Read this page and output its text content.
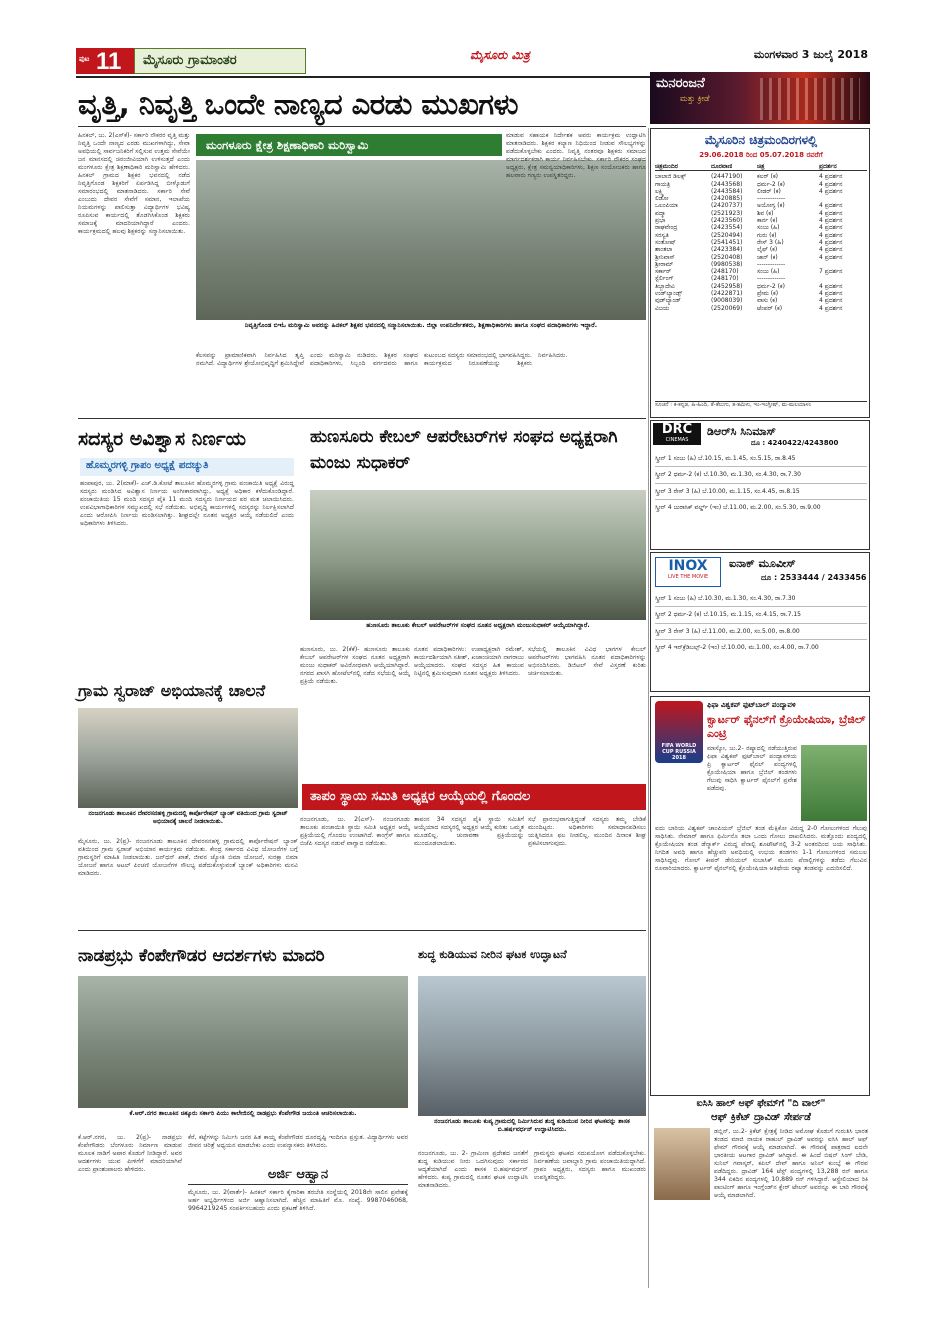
ಪುಟ 11 ಮೈಸೂರು ಗ್ರಾಮಾಂತರ	ಮೈಸೂರು ಮಿತ್ರ	ಮಂಗಳವಾರ 3 ಜುಲೈ 2018
ಮನರಂಜನೆ
ಮತ್ತು ಕ್ರೀಡೆ
ವೃತ್ತಿ, ನಿವೃತ್ತಿ ಒಂದೇ ನಾಣ್ಯದ ಎರಡು ಮುಖಗಳು

ಹಿನಕಲ್, ಜು. 2(ಎಸ್‌ಕೆ)- ಸರ್ಕಾರಿ ನೌಕರರ ವೃತ್ತಿ ಮತ್ತು ನಿವೃತ್ತಿ ಒಂದೇ ನಾಣ್ಯದ ಎರಡು ಮುಖಗಳಾಗಿದ್ದು, ಸೇವಾ ಅವಧಿಯಲ್ಲಿ ಸಾರ್ವಜನಿಕರಿಗೆ ಸಲ್ಲಿಸುವ ಉತ್ತಮ ಸೇವೆಯೇ ಜನ ಮಾನಸದಲ್ಲಿ ಚಿರಂಜೀವಿಯಾಗಿ ಉಳಿಸುತ್ತದೆ ಎಂದು ಮಂಗಳೂರು ಕ್ಷೇತ್ರ ಶಿಕ್ಷಣಾಧಿಕಾರಿ ಮರಿಸ್ವಾಮಿ ಹೇಳಿದರು. ಹಿನಕಲ್ ಗ್ರಾಮದ ಶಿಕ್ಷಕರ ಭವನದಲ್ಲಿ ನಡೆದ ನಿವೃತ್ತಿಗೊಂಡ ಶಿಕ್ಷಕರಿಗೆ ಏರ್ಪಡಿಸಿದ್ದ ಬೀಳ್ಕೊಡುಗೆ ಸಮಾರಂಭದಲ್ಲಿ ಮಾತನಾಡಿದರು. ಸರ್ಕಾರಿ ಸೇವೆ ಎಂಬುದು ದೇವರ ಸೇವೆಗೆ ಸಮಾನ, ಇಲಾಖೆಯ ನಿಯಮಗಳನ್ನು ಪಾಲಿಸುತ್ತಾ ವಿದ್ಯಾರ್ಥಿಗಳ ಭವಿಷ್ಯ ರೂಪಿಸುವ ಕಾರ್ಯದಲ್ಲಿ ತೊಡಗಿಸಿಕೊಂಡ ಶಿಕ್ಷಕರು ಸಮಾಜಕ್ಕೆ ಮಾದರಿಯಾಗಿದ್ದಾರೆ ಎಂದರು. ಕಾರ್ಯಕ್ರಮದಲ್ಲಿ ಹಲವು ಶಿಕ್ಷಕರನ್ನು ಸನ್ಮಾನಿಸಲಾಯಿತು.

ಮಂಗಳೂರು ಕ್ಷೇತ್ರ ಶಿಕ್ಷಣಾಧಿಕಾರಿ ಮರಿಸ್ವಾಮಿ
ನಿವೃತ್ತಿಗೊಂಡ ಬಿಇಓ ಮರಿಸ್ವಾಮಿ ಅವರನ್ನು ಹಿನಕಲ್ ಶಿಕ್ಷಕರ ಭವನದಲ್ಲಿ ಸನ್ಮಾನಿಸಲಾಯಿತು. ಜಿಲ್ಲಾ ಉಪನಿರ್ದೇಶಕರು, ಶಿಕ್ಷಣಾಧಿಕಾರಿಗಳು ಹಾಗೂ ಸಂಘದ ಪದಾಧಿಕಾರಿಗಳು ಇದ್ದಾರೆ.

ಮಾಡುವ ಸಹಾಯಕ ನಿರ್ದೇಶಕ ಅವರು ಕಾರ್ಯಕ್ರಮ ಉದ್ಘಾಟಿಸಿ ಮಾತನಾಡಿದರು. ಶಿಕ್ಷಕರ ಕಲ್ಯಾಣ ನಿಧಿಯಿಂದ ನೀಡುವ ಸೌಲಭ್ಯಗಳನ್ನು ಪಡೆದುಕೊಳ್ಳಬೇಕು ಎಂದರು. ನಿವೃತ್ತಿ ನಂತರವೂ ಶಿಕ್ಷಕರು ಸಮಾಜದ ಮಾರ್ಗದರ್ಶಕರಾಗಿ ಕಾರ್ಯ ನಿರ್ವಹಿಸಬೇಕು. ಸರ್ಕಾರಿ ನೌಕರರ ಸಂಘದ ಅಧ್ಯಕ್ಷರು, ಕ್ಷೇತ್ರ ಸಮನ್ವಯಾಧಿಕಾರಿಗಳು, ಶಿಕ್ಷಣ ಸಂಯೋಜಕರು ಹಾಗೂ ಹಲವಾರು ಗಣ್ಯರು ಉಪಸ್ಥಿತರಿದ್ದರು.

ಕೆಲಸವನ್ನು ಪ್ರಾಮಾಣಿಕವಾಗಿ ನಿರ್ವಹಿಸಿದ ತೃಪ್ತಿ ನಮಗಿದೆ. ವಿದ್ಯಾರ್ಥಿಗಳ ಶ್ರೇಯೋಭಿವೃದ್ಧಿಗೆ ಶ್ರಮಿಸಿದ್ದೇವೆ ಎಂದು ಮರಿಸ್ವಾಮಿ ನುಡಿದರು. ಶಿಕ್ಷಕರ ಸಂಘದ ಪದಾಧಿಕಾರಿಗಳು, ಸಿಬ್ಬಂದಿ ವರ್ಗದವರು ಹಾಗೂ ಕುಟುಂಬದ ಸದಸ್ಯರು ಸಮಾರಂಭದಲ್ಲಿ ಭಾಗವಹಿಸಿದ್ದರು. ಕಾರ್ಯಕ್ರಮದ ನಿರೂಪಣೆಯನ್ನು ಶಿಕ್ಷಕರು ನಿರ್ವಹಿಸಿದರು.

ಮೈಸೂರಿನ ಚಿತ್ರಮಂದಿರಗಳಲ್ಲಿ
29.06.2018 ರಿಂದ 05.07.2018 ರವರೆಗೆ
ಚಿತ್ರಮಂದಿರ	ದೂರವಾಣಿ	ಚಿತ್ರ	ಪ್ರದರ್ಶನ
ಬಾಲಾಜಿ ಡಿಲಕ್ಸ್	(2447190)	ಕಲರ್ (ಕ)	4 ಪ್ರದರ್ಶನ
ಗಾಯತ್ರಿ	(2443568)	ಧರ್ಮ-2 (ಕ)	4 ಪ್ರದರ್ಶನ
ಲಕ್ಷ್ಮಿ	(2443584)	ಲೀಡರ್ (ಕ)	4 ಪ್ರದರ್ಶನ
ಲಿಡೋ	(2420885)	-------------
ಒಲಂಪಿಯಾ	(2420737)	ಅಯೋಗ್ಯ (ಕ)	4 ಪ್ರದರ್ಶನ
ಪದ್ಮಾ	(2521923)	ಶಿವ (ಕ)	4 ಪ್ರದರ್ಶನ
ಪ್ರಭಾ	(2423560)	ಕಾರ್ನ (ಕ)	4 ಪ್ರದರ್ಶನ
ರಾಘವೇಂದ್ರ	(2423554)	ಸಂಜು (ಹಿ)	4 ಪ್ರದರ್ಶನ
ಸರಸ್ವತಿ	(2520494)	ಗುರು (ಕ)	4 ಪ್ರದರ್ಶನ
ಸಂತೋಷ್	(2541451)	ರೇಸ್ 3 (ಹಿ)	4 ಪ್ರದರ್ಶನ
ಶಾಂತಲಾ	(2423384)	ಲೈಫ್ (ಕ)	4 ಪ್ರದರ್ಶನ
ಶ್ರೀನಿವಾಸ್	(2520408)	ಜಾನ್ (ಕ)	4 ಪ್ರದರ್ಶನ
ಶ್ರೀರಾಮ್	(9980538)	-------------
ಸರ್ಕಾರ್	(248170)	ಸಂಜು (ಹಿ)	7 ಪ್ರದರ್ಶನ
ಸ್ಟೆರ್ಲಿಂಗ್	(248170)	-------------
ತಿಬ್ಬಾದೇವಿ	(2452958)	ಧರ್ಮ-2 (ಕ)	4 ಪ್ರದರ್ಶನ
ಉಡ್‌ಲ್ಯಾಂಡ್ಸ್	(2422871)	ಪ್ರೇಮ (ಕ)	4 ಪ್ರದರ್ಶನ
ವುಡ್‌ಲ್ಯಾಂಡ್	(9008039)	ವಾಸು (ಕ)	4 ಪ್ರದರ್ಶನ
ವಿಜಯ	(2520069)	ಟೆಂಪರ್ (ಕ)	4 ಪ್ರದರ್ಶನ
ಸೂಚನೆ : ಕ-ಕನ್ನಡ, ಹಿ-ಹಿಂದಿ, ತೆ-ತೆಲುಗು, ತ-ತಮಿಳು, ಇಂ-ಇಂಗ್ಲೀಷ್, ಮ-ಮಲಯಾಳಂ
DRC
CINEMAS
ಡಿಆರ್‌ಸಿ ಸಿನಿಮಾಸ್
ದೂ : 4240422/4243800
ಸ್ಕ್ರೀನ್ 1 ಸಂಜು (ಹಿ) ಬೆ.10.15, ಮ.1.45, ಸಂ.5.15, ರಾ.8.45
ಸ್ಕ್ರೀನ್ 2 ಧರ್ಮ-2 (ಕ) ಬೆ.10.30, ಮ.1.30, ಸಂ.4.30, ರಾ.7.30
ಸ್ಕ್ರೀನ್ 3 ರೇಸ್ 3 (ಹಿ) ಬೆ.10.00, ಮ.1.15, ಸಂ.4.45, ರಾ.8.15
ಸ್ಕ್ರೀನ್ 4 ಜುರಾಸಿಕ್ ವರ್ಲ್ಡ್ (ಇಂ) ಬೆ.11.00, ಮ.2.00, ಸಂ.5.30, ರಾ.9.00
INOX
LIVE THE MOVIE
ಐನಾಕ್ ಮೂವೀಸ್
ದೂ : 2533444 / 2433456
ಸ್ಕ್ರೀನ್ 1 ಸಂಜು (ಹಿ) ಬೆ.10.30, ಮ.1.30, ಸಂ.4.30, ರಾ.7.30
ಸ್ಕ್ರೀನ್ 2 ಧರ್ಮ-2 (ಕ) ಬೆ.10.15, ಮ.1.15, ಸಂ.4.15, ರಾ.7.15
ಸ್ಕ್ರೀನ್ 3 ರೇಸ್ 3 (ಹಿ) ಬೆ.11.00, ಮ.2.00, ಸಂ.5.00, ರಾ.8.00
ಸ್ಕ್ರೀನ್ 4 ಇನ್‌ಕ್ರೆಡಿಬಲ್ಸ್-2 (ಇಂ) ಬೆ.10.00, ಮ.1.00, ಸಂ.4.00, ರಾ.7.00
FIFA WORLD CUP RUSSIA 2018
ಫಿಫಾ ವಿಶ್ವಕಪ್ ಫುಟ್‌ಬಾಲ್ ಪಂದ್ಯಾವಳಿ
ಕ್ವಾರ್ಟರ್ ಫೈನಲ್‌ಗೆ ಕ್ರೊಯೇಷಿಯಾ, ಬ್ರೆಜಿಲ್ ಎಂಟ್ರಿ
ಮಾಸ್ಕೋ, ಜು.2- ರಷ್ಯಾದಲ್ಲಿ ನಡೆಯುತ್ತಿರುವ ಫಿಫಾ ವಿಶ್ವಕಪ್ ಫುಟ್‌ಬಾಲ್ ಪಂದ್ಯಾವಳಿಯ ಪ್ರಿ ಕ್ವಾರ್ಟರ್ ಫೈನಲ್ ಪಂದ್ಯಗಳಲ್ಲಿ ಕ್ರೊಯೇಷಿಯಾ ಹಾಗೂ ಬ್ರೆಜಿಲ್ ತಂಡಗಳು ಗೆಲುವು ಸಾಧಿಸಿ ಕ್ವಾರ್ಟರ್ ಫೈನಲ್‌ಗೆ ಪ್ರವೇಶ ಪಡೆದವು.
ಐದು ಬಾರಿಯ ವಿಶ್ವಕಪ್ ಚಾಂಪಿಯನ್ ಬ್ರೆಜಿಲ್ ತಂಡ ಮೆಕ್ಸಿಕೋ ವಿರುದ್ಧ 2-0 ಗೋಲುಗಳಿಂದ ಗೆಲುವು ಸಾಧಿಸಿತು. ನೇಮಾರ್ ಹಾಗೂ ಫಿರ್ಮಿನೊ ತಲಾ ಒಂದು ಗೋಲು ದಾಖಲಿಸಿದರು. ಮತ್ತೊಂದು ಪಂದ್ಯದಲ್ಲಿ ಕ್ರೊಯೇಷಿಯಾ ತಂಡ ಡೆನ್ಮಾರ್ಕ್ ವಿರುದ್ಧ ಪೆನಾಲ್ಟಿ ಶೂಟೌಟ್‌ನಲ್ಲಿ 3-2 ಅಂತರದಿಂದ ಜಯ ಸಾಧಿಸಿತು. ನಿಗದಿತ ಅವಧಿ ಹಾಗೂ ಹೆಚ್ಚುವರಿ ಅವಧಿಯಲ್ಲಿ ಉಭಯ ತಂಡಗಳು 1-1 ಗೋಲುಗಳಿಂದ ಸಮಬಲ ಸಾಧಿಸಿದ್ದವು. ಗೋಲ್ ಕೀಪರ್ ಡೇನಿಯಲ್ ಸುಬಾಸಿಕ್ ಮೂರು ಪೆನಾಲ್ಟಿಗಳನ್ನು ತಡೆದು ಗೆಲುವಿನ ರೂವಾರಿಯಾದರು. ಕ್ವಾರ್ಟರ್ ಫೈನಲ್‌ನಲ್ಲಿ ಕ್ರೊಯೇಷಿಯಾ ಆತಿಥೇಯ ರಷ್ಯಾ ತಂಡವನ್ನು ಎದುರಿಸಲಿದೆ.
ಐಸಿಸಿ ಹಾಲ್ ಆಫ್ ಫೇಮ್‌ಗೆ "ದಿ ವಾಲ್"
ಆಫ್ ಕ್ರಿಕೆಟ್ ದ್ರಾವಿಡ್ ಸೇರ್ಪಡೆ
ಡಬ್ಲಿನ್, ಜು.2- ಕ್ರಿಕೆಟ್ ಕ್ಷೇತ್ರಕ್ಕೆ ನೀಡಿದ ಅಮೋಘ ಕೊಡುಗೆ ಗುರುತಿಸಿ ಭಾರತ ತಂಡದ ಮಾಜಿ ನಾಯಕ ರಾಹುಲ್ ದ್ರಾವಿಡ್ ಅವರನ್ನು ಐಸಿಸಿ ಹಾಲ್ ಆಫ್ ಫೇಮ್ ಗೌರವಕ್ಕೆ ಆಯ್ಕೆ ಮಾಡಲಾಗಿದೆ. ಈ ಗೌರವಕ್ಕೆ ಪಾತ್ರರಾದ ಐದನೇ ಭಾರತೀಯ ಆಟಗಾರ ದ್ರಾವಿಡ್ ಆಗಿದ್ದಾರೆ. ಈ ಹಿಂದೆ ಬಿಷನ್ ಸಿಂಗ್ ಬೇಡಿ, ಸುನಿಲ್ ಗವಾಸ್ಕರ್, ಕಪಿಲ್ ದೇವ್ ಹಾಗೂ ಅನಿಲ್ ಕುಂಬ್ಳೆ ಈ ಗೌರವ ಪಡೆದಿದ್ದರು. ದ್ರಾವಿಡ್ 164 ಟೆಸ್ಟ್ ಪಂದ್ಯಗಳಲ್ಲಿ 13,288 ರನ್ ಹಾಗೂ 344 ಏಕದಿನ ಪಂದ್ಯಗಳಲ್ಲಿ 10,889 ರನ್ ಗಳಿಸಿದ್ದಾರೆ. ಆಸ್ಟ್ರೇಲಿಯಾದ ರಿಕಿ ಪಾಂಟಿಂಗ್ ಹಾಗೂ ಇಂಗ್ಲೆಂಡ್‌ನ ಕ್ಲೇರ್ ಟೇಲರ್ ಅವರನ್ನೂ ಈ ಬಾರಿ ಗೌರವಕ್ಕೆ ಆಯ್ಕೆ ಮಾಡಲಾಗಿದೆ.
ಸದಸ್ಯರ ಅವಿಶ್ವಾಸ ನಿರ್ಣಯ
ಹೊಮ್ಮರಗಳ್ಳಿ ಗ್ರಾಪಂ ಅಧ್ಯಕ್ಷೆ ಪದಚ್ಯುತಿ
ಹಂಪಾಪುರ, ಜು. 2(ಮಾಕೆ)- ಎಚ್.ಡಿ.ಕೋಟೆ ತಾಲೂಕಿನ ಹೊಮ್ಮರಗಳ್ಳಿ ಗ್ರಾಮ ಪಂಚಾಯಿತಿ ಅಧ್ಯಕ್ಷೆ ವಿರುದ್ಧ ಸದಸ್ಯರು ಮಂಡಿಸಿದ ಅವಿಶ್ವಾಸ ನಿರ್ಣಯ ಅಂಗೀಕಾರವಾಗಿದ್ದು, ಅಧ್ಯಕ್ಷೆ ಅಧಿಕಾರ ಕಳೆದುಕೊಂಡಿದ್ದಾರೆ. ಪಂಚಾಯಿತಿಯ 15 ಮಂದಿ ಸದಸ್ಯರ ಪೈಕಿ 11 ಮಂದಿ ಸದಸ್ಯರು ನಿರ್ಣಯದ ಪರ ಮತ ಚಲಾಯಿಸಿದರು. ಉಪವಿಭಾಗಾಧಿಕಾರಿಗಳ ಸಮ್ಮುಖದಲ್ಲಿ ಸಭೆ ನಡೆಯಿತು. ಅಭಿವೃದ್ಧಿ ಕಾರ್ಯಗಳಲ್ಲಿ ಸದಸ್ಯರನ್ನು ನಿರ್ಲಕ್ಷಿಸಲಾಗಿದೆ ಎಂದು ಆರೋಪಿಸಿ ನಿರ್ಣಯ ಮಂಡಿಸಲಾಗಿತ್ತು. ಶೀಘ್ರದಲ್ಲೇ ನೂತನ ಅಧ್ಯಕ್ಷರ ಆಯ್ಕೆ ನಡೆಯಲಿದೆ ಎಂದು ಅಧಿಕಾರಿಗಳು ತಿಳಿಸಿದರು.
ಹುಣಸೂರು ಕೇಬಲ್ ಆಪರೇಟರ್‌ಗಳ ಸಂಘದ ಅಧ್ಯಕ್ಷರಾಗಿ ಮಂಜು ಸುಧಾಕರ್
ಹುಣಸೂರು ತಾಲೂಕು ಕೇಬಲ್ ಆಪರೇಟರ್‌ಗಳ ಸಂಘದ ನೂತನ ಅಧ್ಯಕ್ಷರಾಗಿ ಮಂಜುಸುಧಾಕರ್ ಆಯ್ಕೆಯಾಗಿದ್ದಾರೆ.
ಹುಣಸೂರು, ಜು. 2(ಕೆಕೆ)- ಹುಣಸೂರು ತಾಲೂಕು ಕೇಬಲ್ ಆಪರೇಟರ್‌ಗಳ ಸಂಘದ ನೂತನ ಅಧ್ಯಕ್ಷರಾಗಿ ಮಂಜು ಸುಧಾಕರ್ ಅವಿರೋಧವಾಗಿ ಆಯ್ಕೆಯಾಗಿದ್ದಾರೆ. ನಗರದ ಖಾಸಗಿ ಹೋಟೆಲ್‌ನಲ್ಲಿ ನಡೆದ ಸಭೆಯಲ್ಲಿ ಆಯ್ಕೆ ಪ್ರಕ್ರಿಯೆ ನಡೆಯಿತು.
ನೂತನ ಪದಾಧಿಕಾರಿಗಳು: ಉಪಾಧ್ಯಕ್ಷರಾಗಿ ರಮೇಶ್, ಕಾರ್ಯದರ್ಶಿಯಾಗಿ ಸತೀಶ್, ಖಜಾಂಚಿಯಾಗಿ ನಾಗರಾಜು ಆಯ್ಕೆಯಾದರು. ಸಂಘದ ಸದಸ್ಯರ ಹಿತ ಕಾಯುವ ನಿಟ್ಟಿನಲ್ಲಿ ಶ್ರಮಿಸುವುದಾಗಿ ನೂತನ ಅಧ್ಯಕ್ಷರು ತಿಳಿಸಿದರು.
ಸಭೆಯಲ್ಲಿ ತಾಲೂಕಿನ ವಿವಿಧ ಭಾಗಗಳ ಕೇಬಲ್ ಆಪರೇಟರ್‌ಗಳು ಭಾಗವಹಿಸಿ ನೂತನ ಪದಾಧಿಕಾರಿಗಳನ್ನು ಅಭಿನಂದಿಸಿದರು. ಡಿಜಿಟಲ್ ಸೇವೆ ವಿಸ್ತರಣೆ ಕುರಿತು ಚರ್ಚಿಸಲಾಯಿತು.
ಗ್ರಾಮ ಸ್ವರಾಜ್ ಅಭಿಯಾನಕ್ಕೆ ಚಾಲನೆ
ನಂಜನಗೂಡು ತಾಲೂಕಿನ ದೇವರಸನಹಳ್ಳಿ ಗ್ರಾಮದಲ್ಲಿ ಕಾರ್ಪೊರೇಷನ್ ಬ್ಯಾಂಕ್ ವತಿಯಿಂದ ಗ್ರಾಮ ಸ್ವರಾಜ್ ಅಭಿಯಾನಕ್ಕೆ ಚಾಲನೆ ನೀಡಲಾಯಿತು.
ಮೈಸೂರು, ಜು. 2(ಪ್ರ)- ನಂಜನಗೂಡು ತಾಲೂಕಿನ ದೇವರಸನಹಳ್ಳಿ ಗ್ರಾಮದಲ್ಲಿ ಕಾರ್ಪೊರೇಷನ್ ಬ್ಯಾಂಕ್ ವತಿಯಿಂದ ಗ್ರಾಮ ಸ್ವರಾಜ್ ಅಭಿಯಾನ ಕಾರ್ಯಕ್ರಮ ನಡೆಯಿತು. ಕೇಂದ್ರ ಸರ್ಕಾರದ ವಿವಿಧ ಯೋಜನೆಗಳ ಬಗ್ಗೆ ಗ್ರಾಮಸ್ಥರಿಗೆ ಮಾಹಿತಿ ನೀಡಲಾಯಿತು. ಜನ್‌ಧನ್ ಖಾತೆ, ಜೀವನ ಜ್ಯೋತಿ ಬಿಮಾ ಯೋಜನೆ, ಸುರಕ್ಷಾ ಬಿಮಾ ಯೋಜನೆ ಹಾಗೂ ಅಟಲ್ ಪಿಂಚಣಿ ಯೋಜನೆಗಳ ಸೌಲಭ್ಯ ಪಡೆದುಕೊಳ್ಳುವಂತೆ ಬ್ಯಾಂಕ್ ಅಧಿಕಾರಿಗಳು ಮನವಿ ಮಾಡಿದರು.
ತಾಪಂ ಸ್ಥಾಯಿ ಸಮಿತಿ ಅಧ್ಯಕ್ಷರ ಆಯ್ಕೆಯಲ್ಲಿ ಗೊಂದಲ
ನಂಜನಗೂಡು, ಜು. 2(ಎಸ್)- ನಂಜನಗೂಡು ತಾಲೂಕು ಪಂಚಾಯಿತಿ ಸ್ಥಾಯಿ ಸಮಿತಿ ಅಧ್ಯಕ್ಷರ ಆಯ್ಕೆ ಪ್ರಕ್ರಿಯೆಯಲ್ಲಿ ಗೊಂದಲ ಉಂಟಾಗಿದೆ. ಕಾಂಗ್ರೆಸ್ ಹಾಗೂ ಬಿಜೆಪಿ ಸದಸ್ಯರ ನಡುವೆ ವಾಗ್ವಾದ ನಡೆಯಿತು.
ತಾಪಂನ 34 ಸದಸ್ಯರ ಪೈಕಿ ಸ್ಥಾಯಿ ಸಮಿತಿಗೆ ಆಯ್ಕೆಯಾದ ಸದಸ್ಯರಲ್ಲಿ ಅಧ್ಯಕ್ಷರ ಆಯ್ಕೆ ಕುರಿತು ಒಮ್ಮತ ಮೂಡಲಿಲ್ಲ. ಚುನಾವಣಾ ಪ್ರಕ್ರಿಯೆಯನ್ನು ಮುಂದೂಡಲಾಯಿತು.
ಸಭೆ ಪ್ರಾರಂಭವಾಗುತ್ತಿದ್ದಂತೆ ಸದಸ್ಯರು ತಮ್ಮ ಬೇಡಿಕೆ ಮುಂದಿಟ್ಟರು. ಅಧಿಕಾರಿಗಳು ಸಮಾಧಾನಪಡಿಸಲು ಯತ್ನಿಸಿದರೂ ಫಲ ನೀಡಲಿಲ್ಲ. ಮುಂದಿನ ದಿನಾಂಕ ಶೀಘ್ರ ಪ್ರಕಟಿಸಲಾಗುವುದು.
ನಾಡಪ್ರಭು ಕೆಂಪೇಗೌಡರ ಆದರ್ಶಗಳು ಮಾದರಿ
ಕೆ.ಆರ್.ನಗರ ತಾಲೂಕಿನ ಚಿಕ್ಕೂರು ಸರ್ಕಾರಿ ಪಿಯು ಕಾಲೇಜಿನಲ್ಲಿ ನಾಡಪ್ರಭು ಕೆಂಪೇಗೌಡ ಜಯಂತಿ ಆಚರಿಸಲಾಯಿತು.
ಕೆ.ಆರ್.ನಗರ, ಜು. 2(ಪ್ರ)- ನಾಡಪ್ರಭು ಕೆಂಪೇಗೌಡರು ಬೆಂಗಳೂರು ನಿರ್ಮಾಣ ಮಾಡುವ ಮೂಲಕ ನಾಡಿಗೆ ಅಪಾರ ಕೊಡುಗೆ ನೀಡಿದ್ದಾರೆ. ಅವರ ಆದರ್ಶಗಳು ಯುವ ಪೀಳಿಗೆಗೆ ಮಾದರಿಯಾಗಿವೆ ಎಂದು ಪ್ರಾಂಶುಪಾಲರು ಹೇಳಿದರು.
ಕೆರೆ, ಕಟ್ಟೆಗಳನ್ನು ನಿರ್ಮಿಸಿ ಜನರ ಹಿತ ಕಾಯ್ದ ಕೆಂಪೇಗೌಡರ ದೂರದೃಷ್ಟಿ ಇಂದಿಗೂ ಪ್ರಸ್ತುತ. ವಿದ್ಯಾರ್ಥಿಗಳು ಅವರ ಜೀವನ ಚರಿತ್ರೆ ಅಧ್ಯಯನ ಮಾಡಬೇಕು ಎಂದು ಉಪನ್ಯಾಸಕರು ತಿಳಿಸಿದರು.
ಅರ್ಜಿ ಆಹ್ವಾನ
ಮೈಸೂರು, ಜು. 2(ವಾರ್ತೆ)- ಹಿನಕಲ್ ಸರ್ಕಾರಿ ಕೈಗಾರಿಕಾ ತರಬೇತಿ ಸಂಸ್ಥೆಯಲ್ಲಿ 2018ನೇ ಸಾಲಿನ ಪ್ರವೇಶಕ್ಕೆ ಅರ್ಹ ಅಭ್ಯರ್ಥಿಗಳಿಂದ ಅರ್ಜಿ ಆಹ್ವಾನಿಸಲಾಗಿದೆ. ಹೆಚ್ಚಿನ ಮಾಹಿತಿಗೆ ಮೊ. ಸಂಖ್ಯೆ. 9987046068, 9964219245 ಸಂಪರ್ಕಿಸಬಹುದು ಎಂದು ಪ್ರಕಟಣೆ ತಿಳಿಸಿದೆ.
ಶುದ್ಧ ಕುಡಿಯುವ ನೀರಿನ ಘಟಕ ಉದ್ಘಾಟನೆ
ನಂಜನಗೂಡು ತಾಲೂಕು ಕುಪ್ಯ ಗ್ರಾಮದಲ್ಲಿ ನಿರ್ಮಿಸಿರುವ ಶುದ್ಧ ಕುಡಿಯುವ ನೀರಿನ ಘಟಕವನ್ನು ಶಾಸಕ ಬಿ.ಹರ್ಷವರ್ಧನ್ ಉದ್ಘಾಟಿಸಿದರು.
ನಂಜನಗೂಡು, ಜು. 2- ಗ್ರಾಮೀಣ ಪ್ರದೇಶದ ಜನತೆಗೆ ಶುದ್ಧ ಕುಡಿಯುವ ನೀರು ಒದಗಿಸುವುದು ಸರ್ಕಾರದ ಆದ್ಯತೆಯಾಗಿದೆ ಎಂದು ಶಾಸಕ ಬಿ.ಹರ್ಷವರ್ಧನ್ ಹೇಳಿದರು. ಕುಪ್ಯ ಗ್ರಾಮದಲ್ಲಿ ನೂತನ ಘಟಕ ಉದ್ಘಾಟಿಸಿ ಮಾತನಾಡಿದರು.
ಗ್ರಾಮಸ್ಥರು ಘಟಕದ ಸದುಪಯೋಗ ಪಡೆದುಕೊಳ್ಳಬೇಕು. ನಿರ್ವಹಣೆಯ ಜವಾಬ್ದಾರಿ ಗ್ರಾಮ ಪಂಚಾಯಿತಿಯದ್ದಾಗಿದೆ. ಗ್ರಾಪಂ ಅಧ್ಯಕ್ಷರು, ಸದಸ್ಯರು ಹಾಗೂ ಮುಖಂಡರು ಉಪಸ್ಥಿತರಿದ್ದರು.
